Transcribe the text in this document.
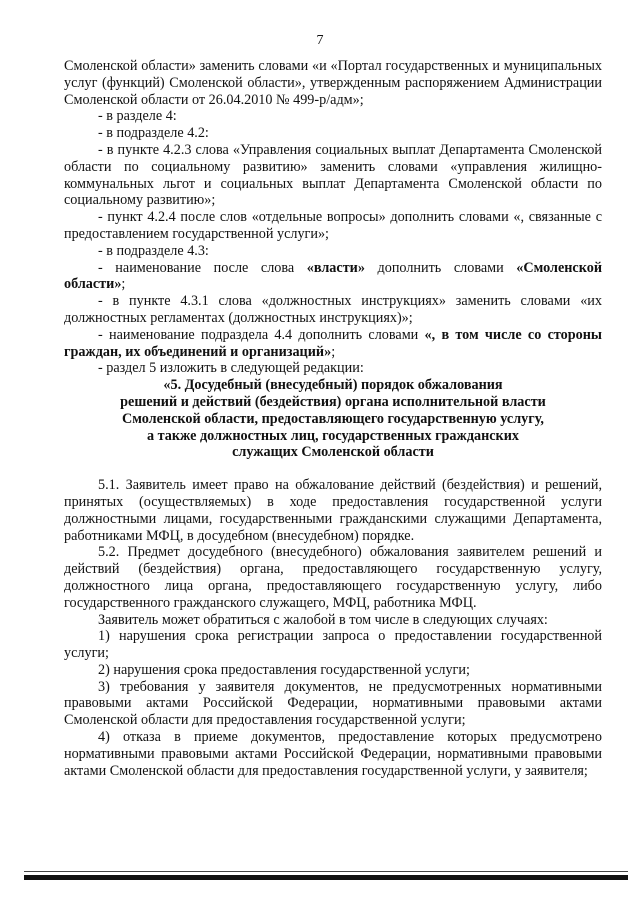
7

Смоленской области» заменить словами «и «Портал государственных и муниципальных услуг (функций) Смоленской области», утвержденным распоряжением Администрации Смоленской области от 26.04.2010 № 499-р/адм»;

- в разделе 4:

- в подразделе 4.2:

- в пункте 4.2.3 слова «Управления социальных выплат Департамента Смоленской области по социальному развитию» заменить словами «управления жилищно-коммунальных льгот и социальных выплат Департамента Смоленской области по социальному развитию»;

- пункт 4.2.4 после слов «отдельные вопросы» дополнить словами «, связанные с предоставлением государственной услуги»;

- в подразделе 4.3:

- наименование после слова «власти» дополнить словами «Смоленской области»;

- в пункте 4.3.1 слова «должностных инструкциях» заменить словами «их должностных регламентах (должностных инструкциях)»;

- наименование подраздела 4.4 дополнить словами «, в том числе со стороны граждан, их объединений и организаций»;

- раздел 5 изложить в следующей редакции:

«5. Досудебный (внесудебный) порядок обжалования

решений и действий (бездействия) органа исполнительной власти

Смоленской области, предоставляющего государственную услугу,

а также должностных лиц, государственных гражданских

служащих Смоленской области

5.1. Заявитель имеет право на обжалование действий (бездействия) и решений, принятых (осуществляемых) в ходе предоставления государственной услуги должностными лицами, государственными гражданскими служащими Департамента, работниками МФЦ, в досудебном (внесудебном) порядке.

5.2. Предмет досудебного (внесудебного) обжалования заявителем решений и действий (бездействия) органа, предоставляющего государственную услугу, должностного лица органа, предоставляющего государственную услугу, либо государственного гражданского служащего, МФЦ, работника МФЦ.

Заявитель может обратиться с жалобой в том числе в следующих случаях:

1) нарушения срока регистрации запроса о предоставлении государственной услуги;

2) нарушения срока предоставления государственной услуги;

3) требования у заявителя документов, не предусмотренных нормативными правовыми актами Российской Федерации, нормативными правовыми актами Смоленской области для предоставления государственной услуги;

4) отказа в приеме документов, предоставление которых предусмотрено нормативными правовыми актами Российской Федерации, нормативными правовыми актами Смоленской области для предоставления государственной услуги, у заявителя;
